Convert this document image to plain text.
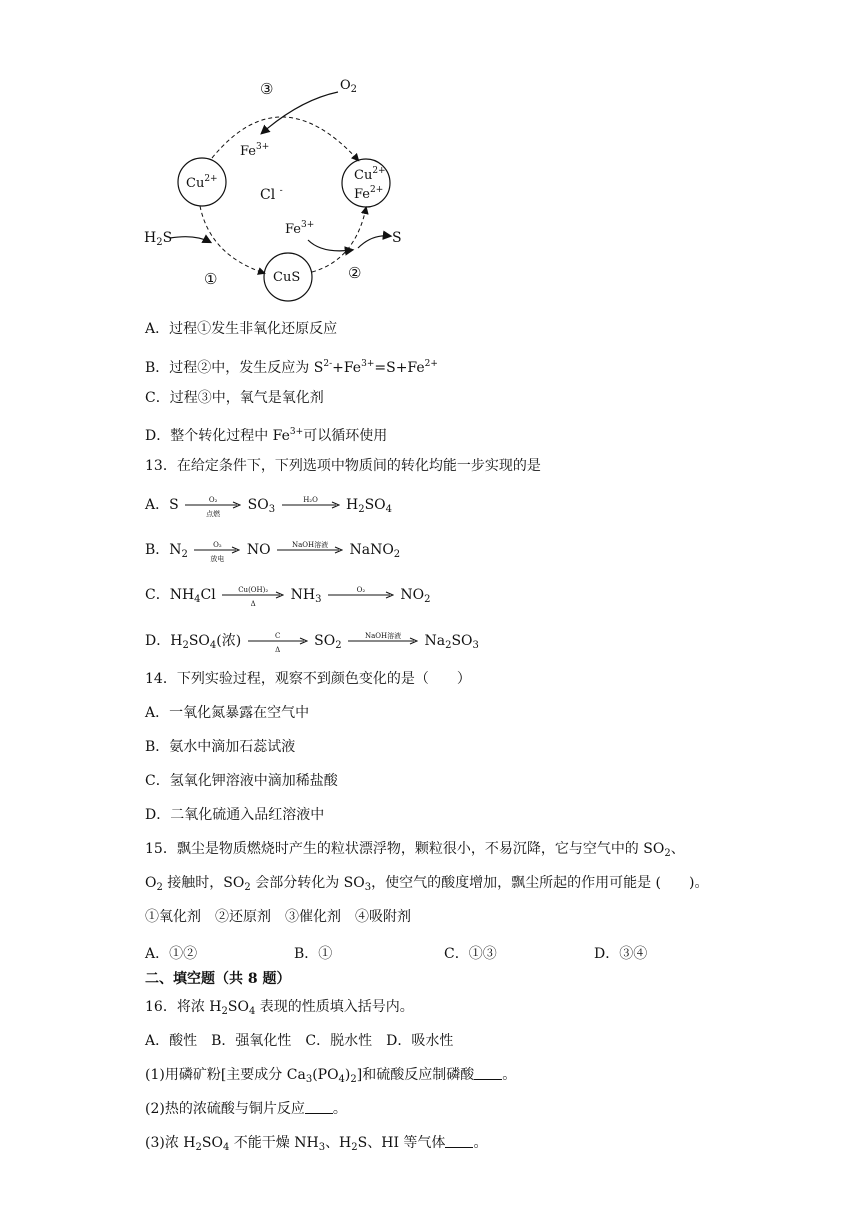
$Cu^{2+}$	$Cu^{2+}$
$Fe^{2+}$
CuS
Cl -
$Fe^{3+}$
$Fe^{3+}$
$O_2$
$H_2S$	S
①	②
③
A．过程①发生非氧化还原反应
B．过程②中，发生反应为 $S^{2-}+Fe^{3+}=S+Fe^{2+}$
C．过程③中，氧气是氧化剂
D．整个转化过程中 $Fe^{3+}$可以循环使用
13．在给定条件下，下列选项中物质间的转化均能一步实现的是
A．S	O₂
点燃
$SO_3$
H₂O	$H_2SO_4$
B．$N_2$
O₂
放电
NO	NaOH溶液	NaNO$_2$
C．$NH_4Cl$	Cu(OH)₂
Δ
$NH_3$
O₂	$NO_2$
D．$H_2SO_4$(浓)	C
Δ
$SO_2$
NaOH溶液	$Na_2SO_3$
14．下列实验过程，观察不到颜色变化的是（ ）
A．一氧化氮暴露在空气中
B．氨水中滴加石蕊试液
C．氢氧化钾溶液中滴加稀盐酸
D．二氧化硫通入品红溶液中
15．飘尘是物质燃烧时产生的粒状漂浮物，颗粒很小，不易沉降，它与空气中的 $SO_2$、
$O_2$ 接触时，$SO_2$ 会部分转化为 $SO_3$，使空气的酸度增加，飘尘所起的作用可能是 ( )。
①氧化剂　②还原剂　③催化剂　④吸附剂
A．①②	B．①	C．①③	D．③④
二、填空题（共 8 题）
16．将浓 $H_2SO_4$ 表现的性质填入括号内。
A．酸性　B．强氧化性　C．脱水性　D．吸水性
(1)用磷矿粉[主要成分 $Ca_3(PO_4)_2$]和硫酸反应制磷酸 。
(2)热的浓硫酸与铜片反应 。
(3)浓 $H_2SO_4$ 不能干燥 $NH_3$、$H_2S$、HI 等气体 。
